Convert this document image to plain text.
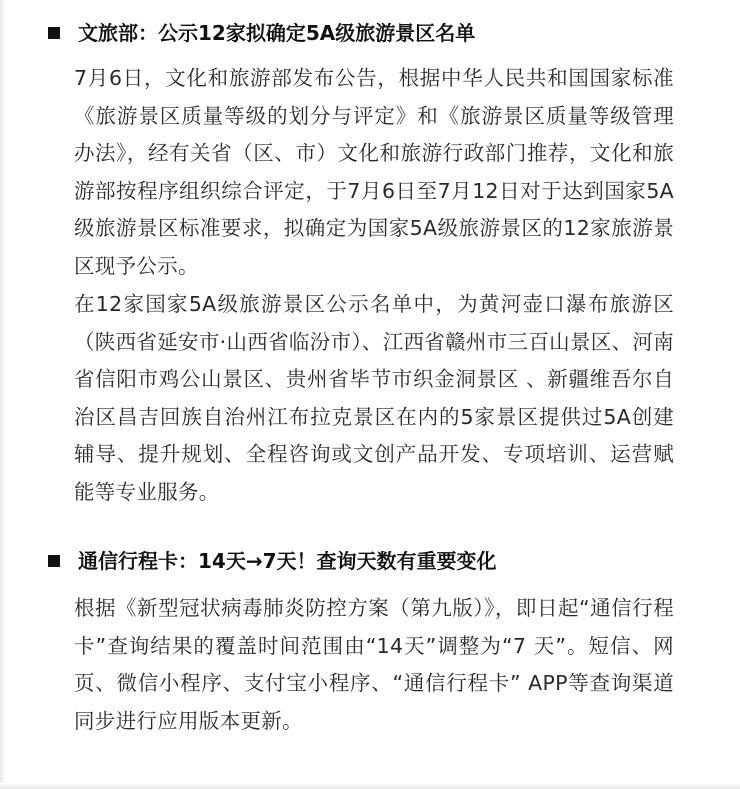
文旅部：公示12家拟确定5A级旅游景区名单

7月6日，文化和旅游部发布公告，根据中华人民共和国国家标准《旅游景区质量等级的划分与评定》和《旅游景区质量等级管理办法》，经有关省（区、市）文化和旅游行政部门推荐，文化和旅游部按程序组织综合评定，于7月6日至7月12日对于达到国家5A级旅游景区标准要求，拟确定为国家5A级旅游景区的12家旅游景区现予公示。

在12家国家5A级旅游景区公示名单中，为黄河壶口瀑布旅游区（陕西省延安市·山西省临汾市）、江西省赣州市三百山景区、河南省信阳市鸡公山景区、贵州省毕节市织金洞景区 、新疆维吾尔自治区昌吉回族自治州江布拉克景区在内的5家景区提供过5A创建辅导、提升规划、全程咨询或文创产品开发、专项培训、运营赋能等专业服务。

通信行程卡：14天→7天！查询天数有重要变化

根据《新型冠状病毒肺炎防控方案（第九版）》，即日起“通信行程卡”查询结果的覆盖时间范围由“14天”调整为“7 天”。短信、网页、微信小程序、支付宝小程序、“通信行程卡” APP等查询渠道同步进行应用版本更新。
